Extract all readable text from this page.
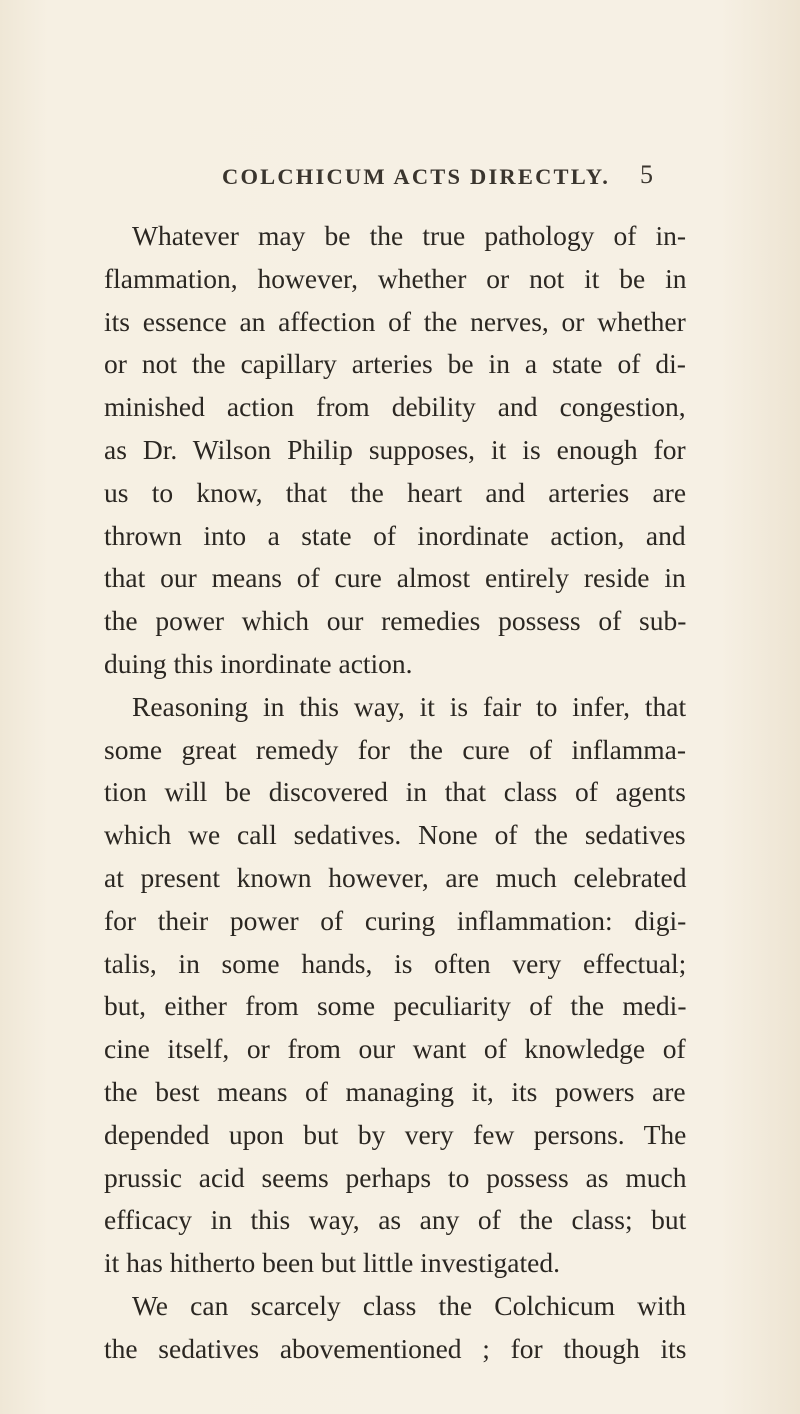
COLCHICUM ACTS DIRECTLY. 5
Whatever may be the true pathology of in-
flammation, however, whether or not it be in
its essence an affection of the nerves, or whether
or not the capillary arteries be in a state of di-
minished action from debility and congestion,
as Dr. Wilson Philip supposes, it is enough for
us to know, that the heart and arteries are
thrown into a state of inordinate action, and
that our means of cure almost entirely reside in
the power which our remedies possess of sub-
duing this inordinate action.
Reasoning in this way, it is fair to infer, that
some great remedy for the cure of inflamma-
tion will be discovered in that class of agents
which we call sedatives. None of the sedatives
at present known however, are much celebrated
for their power of curing inflammation: digi-
talis, in some hands, is often very effectual;
but, either from some peculiarity of the medi-
cine itself, or from our want of knowledge of
the best means of managing it, its powers are
depended upon but by very few persons. The
prussic acid seems perhaps to possess as much
efficacy in this way, as any of the class; but
it has hitherto been but little investigated.
We can scarcely class the Colchicum with
the sedatives abovementioned ; for though its
